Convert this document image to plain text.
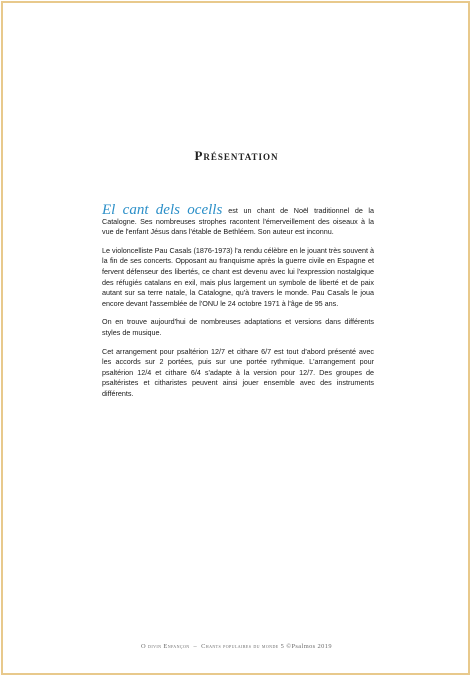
Présentation

El cant dels ocells est un chant de Noël traditionnel de la Catalogne. Ses nombreuses strophes racontent l'émerveillement des oiseaux à la vue de l'enfant Jésus dans l'étable de Bethléem. Son auteur est inconnu.

Le violoncelliste Pau Casals (1876-1973) l'a rendu célèbre en le jouant très souvent à la fin de ses concerts. Opposant au franquisme après la guerre civile en Espagne et fervent défenseur des libertés, ce chant est devenu avec lui l'expression nostalgique des réfugiés catalans en exil, mais plus largement un symbole de liberté et de paix autant sur sa terre natale, la Catalogne, qu'à travers le monde. Pau Casals le joua encore devant l'assemblée de l'ONU le 24 octobre 1971 à l'âge de 95 ans.

On en trouve aujourd'hui de nombreuses adaptations et versions dans différents styles de musique.

Cet arrangement pour psaltérion 12/7 et cithare 6/7 est tout d'abord présenté avec les accords sur 2 portées, puis sur une portée rythmique. L'arrangement pour psaltérion 12/4 et cithare 6/4 s'adapte à la version pour 12/7. Des groupes de psaltéristes et citharistes peuvent ainsi jouer ensemble avec des instruments différents.

O divin Enfançon – Chants populaires du monde 5 ©Psalmos 2019
